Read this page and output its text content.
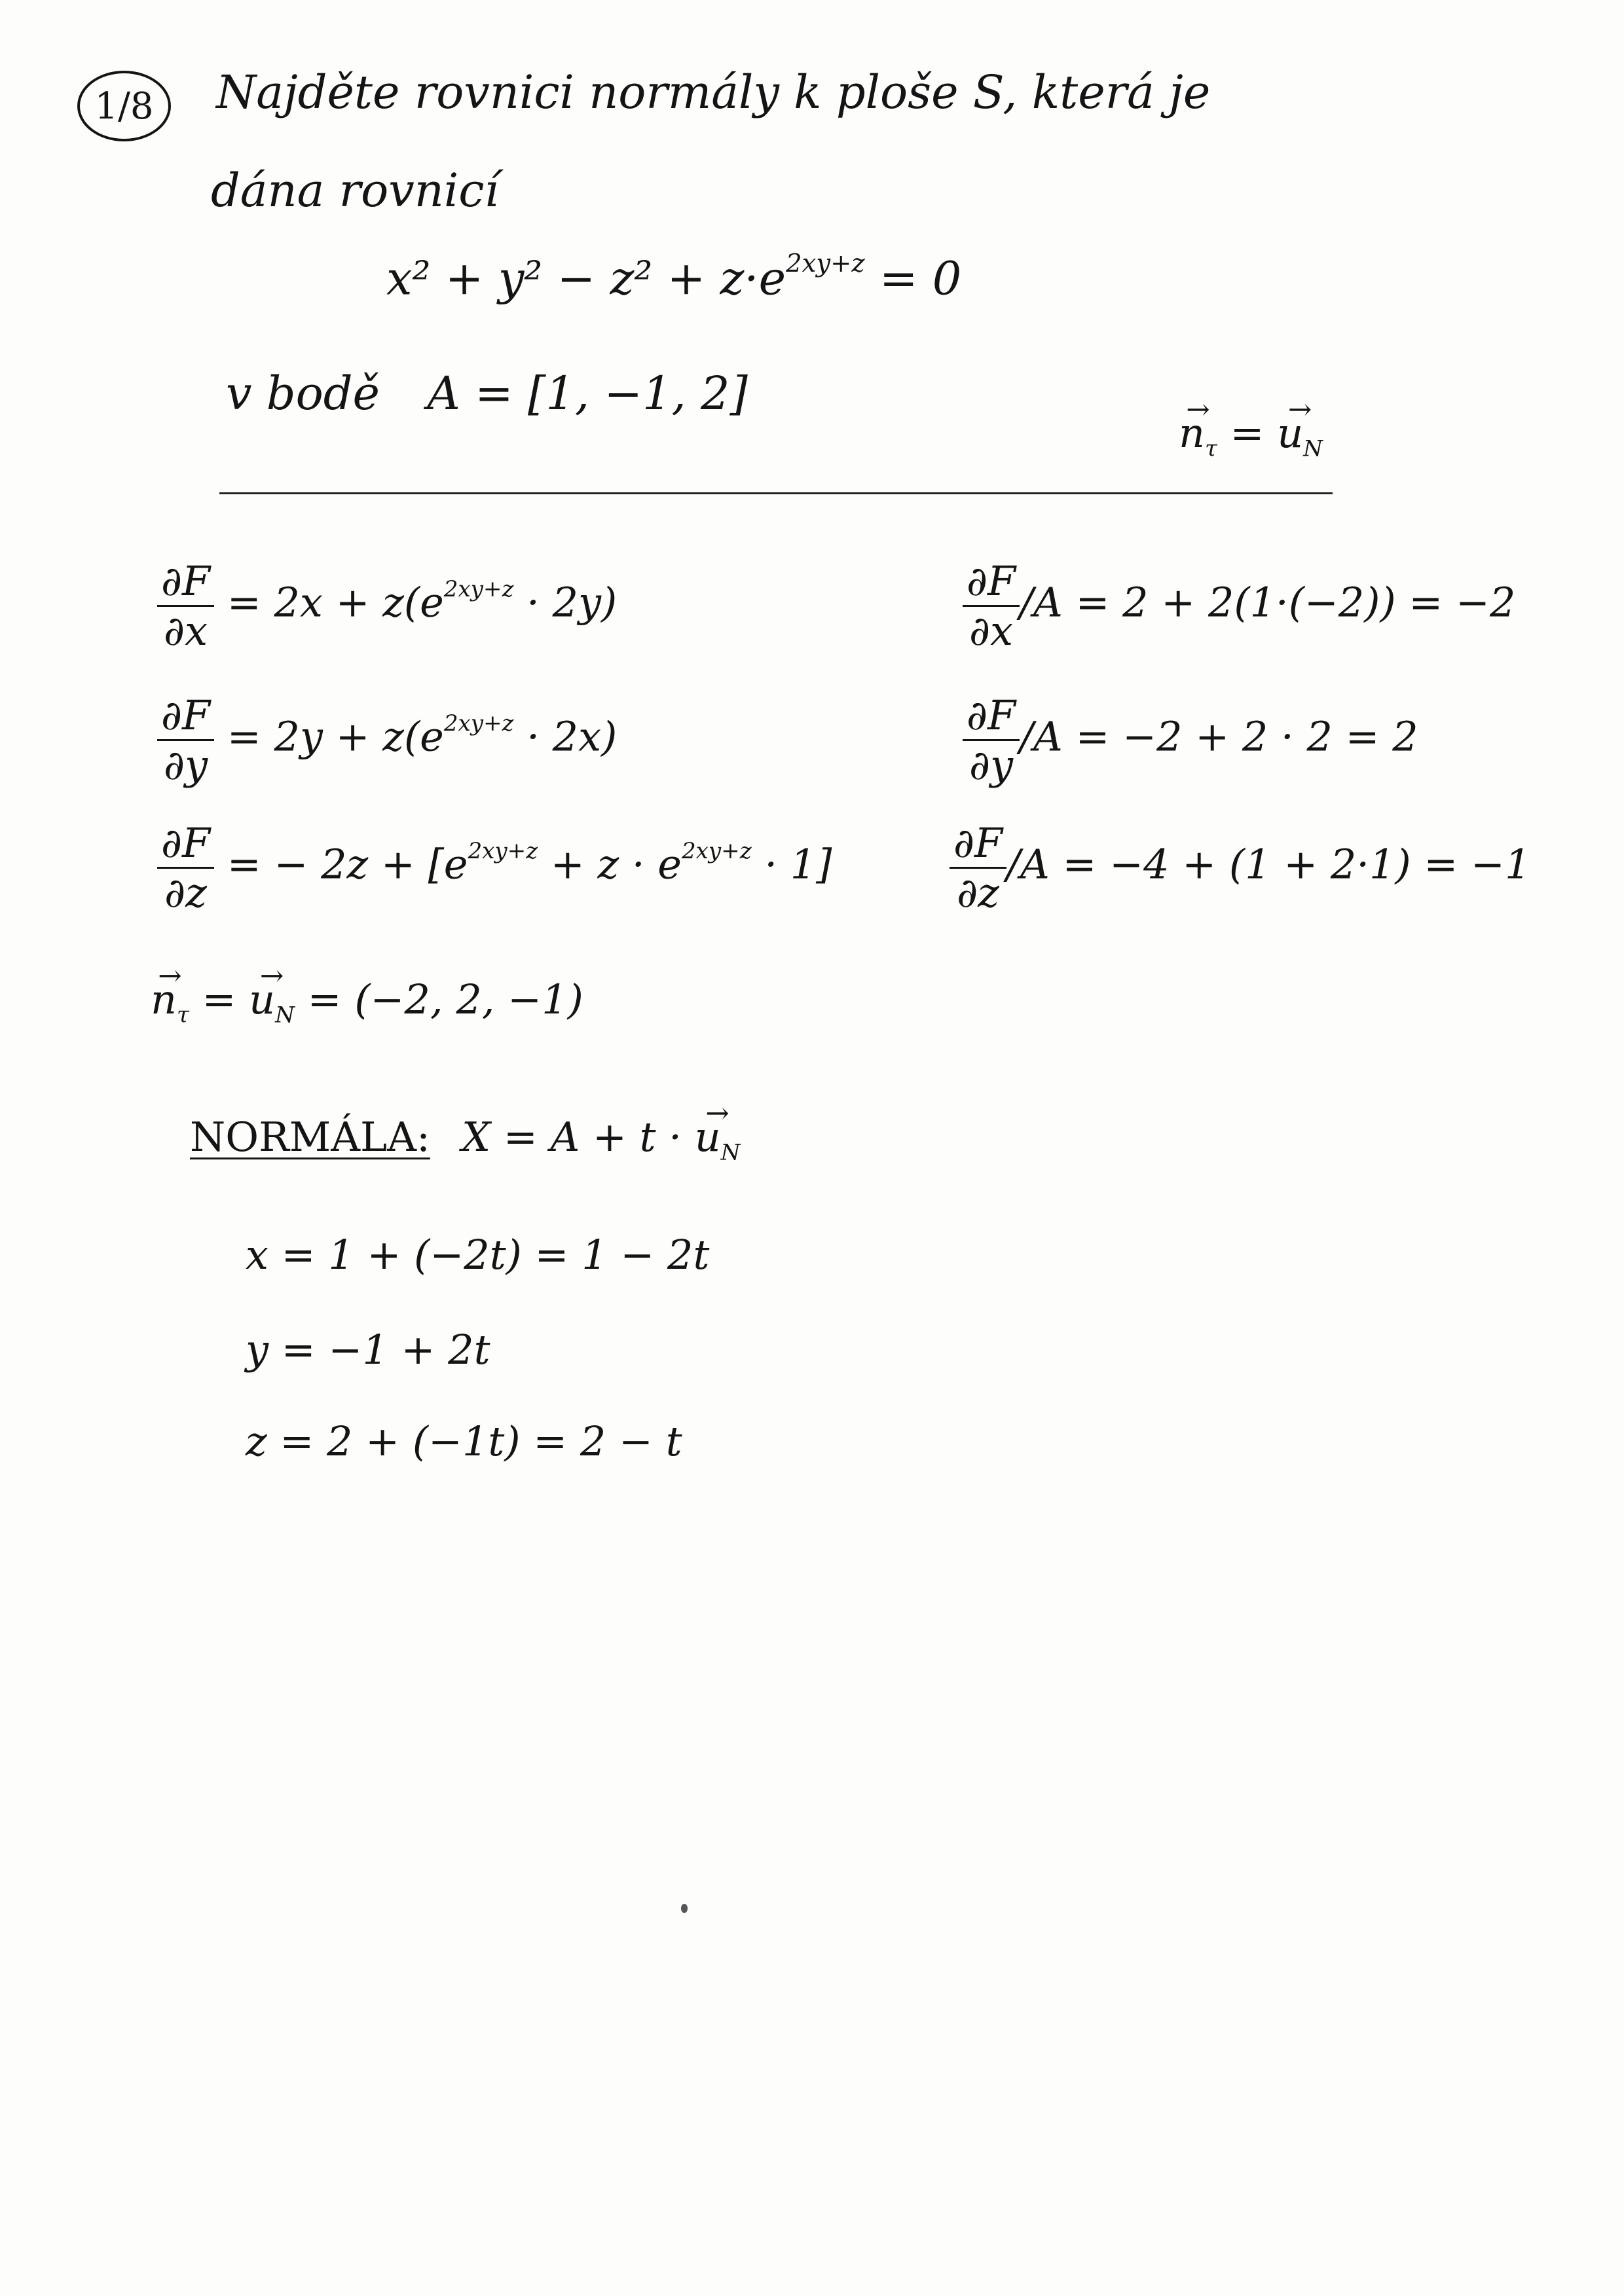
1/8 Najděte rovnici normály k ploše S, která je
dána rovnicí
$x^2 + y^2 - z^2 + z\cdot e^{2xy+z} = 0$
v bodě A = [1, −1, 2]
$n_\tau$ → = $u_N$ →
$\frac{\partial F}{\partial x} = 2x + z(e^{2xy+z} \cdot 2y)$
$\frac{\partial F}{\partial y} = 2y + z(e^{2xy+z} \cdot 2x)$
$\frac{\partial F}{\partial z}$ = − $2z + [e^{2xy+z} + z \cdot e^{2xy+z} \cdot 1]$
$\frac{\partial F}{\partial x} /A = 2 + 2(1\cdot(-2)) = -2$
$\frac{\partial F}{\partial y} /A = -2 + 2 \cdot 2 = 2$
$\frac{\partial F}{\partial z} /A = -4 + (1 + 2\cdot 1) = -1$
$n_\tau$ → = $u_N$ → = (−2, 2, −1)
NORMÁLA: $X = A + t \cdot u_N$ →
x = 1 + (−2t) = 1 − 2t
y = −1 + 2t
z = 2 + (−1t) = 2 − t
